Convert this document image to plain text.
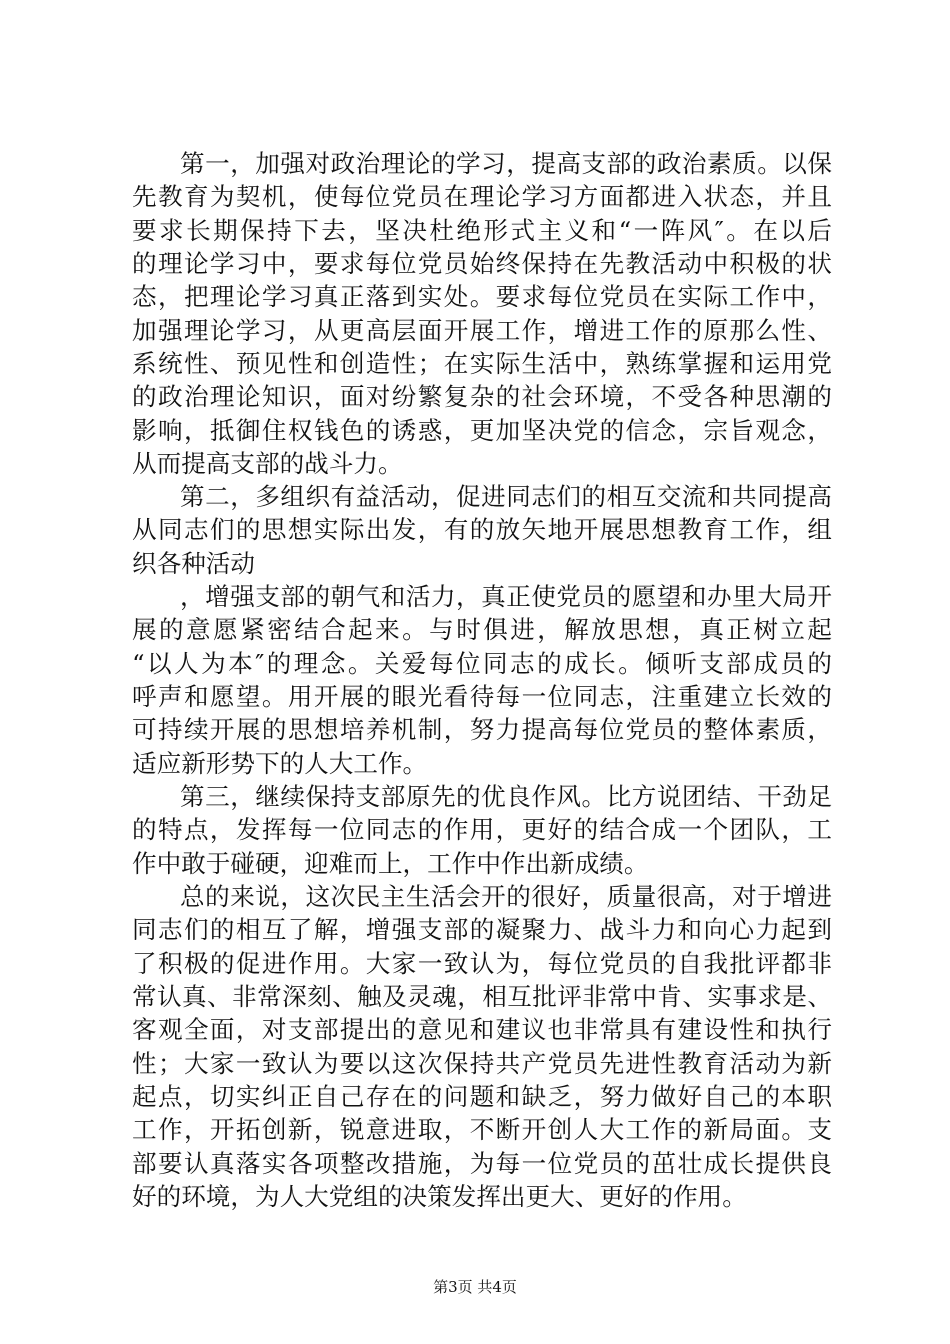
第一，加强对政治理论的学习，提高支部的政治素质。以保
先教育为契机，使每位党员在理论学习方面都进入状态，并且
要求长期保持下去，坚决杜绝形式主义和“一阵风″。在以后
的理论学习中，要求每位党员始终保持在先教活动中积极的状
态，把理论学习真正落到实处。要求每位党员在实际工作中，
加强理论学习，从更高层面开展工作，增进工作的原那么性、
系统性、预见性和创造性；在实际生活中，熟练掌握和运用党
的政治理论知识，面对纷繁复杂的社会环境，不受各种思潮的
影响，抵御住权钱色的诱惑，更加坚决党的信念，宗旨观念，
从而提高支部的战斗力。
第二，多组织有益活动，促进同志们的相互交流和共同提高
从同志们的思想实际出发，有的放矢地开展思想教育工作，组
织各种活动
，增强支部的朝气和活力，真正使党员的愿望和办里大局开
展的意愿紧密结合起来。与时俱进，解放思想，真正树立起
“以人为本″的理念。关爱每位同志的成长。倾听支部成员的
呼声和愿望。用开展的眼光看待每一位同志，注重建立长效的
可持续开展的思想培养机制，努力提高每位党员的整体素质，
适应新形势下的人大工作。
第三，继续保持支部原先的优良作风。比方说团结、干劲足
的特点，发挥每一位同志的作用，更好的结合成一个团队，工
作中敢于碰硬，迎难而上，工作中作出新成绩。
总的来说，这次民主生活会开的很好，质量很高，对于增进
同志们的相互了解，增强支部的凝聚力、战斗力和向心力起到
了积极的促进作用。大家一致认为，每位党员的自我批评都非
常认真、非常深刻、触及灵魂，相互批评非常中肯、实事求是、
客观全面，对支部提出的意见和建议也非常具有建设性和执行
性；大家一致认为要以这次保持共产党员先进性教育活动为新
起点，切实纠正自己存在的问题和缺乏，努力做好自己的本职
工作，开拓创新，锐意进取，不断开创人大工作的新局面。支
部要认真落实各项整改措施，为每一位党员的茁壮成长提供良
好的环境，为人大党组的决策发挥出更大、更好的作用。
第3页 共4页
